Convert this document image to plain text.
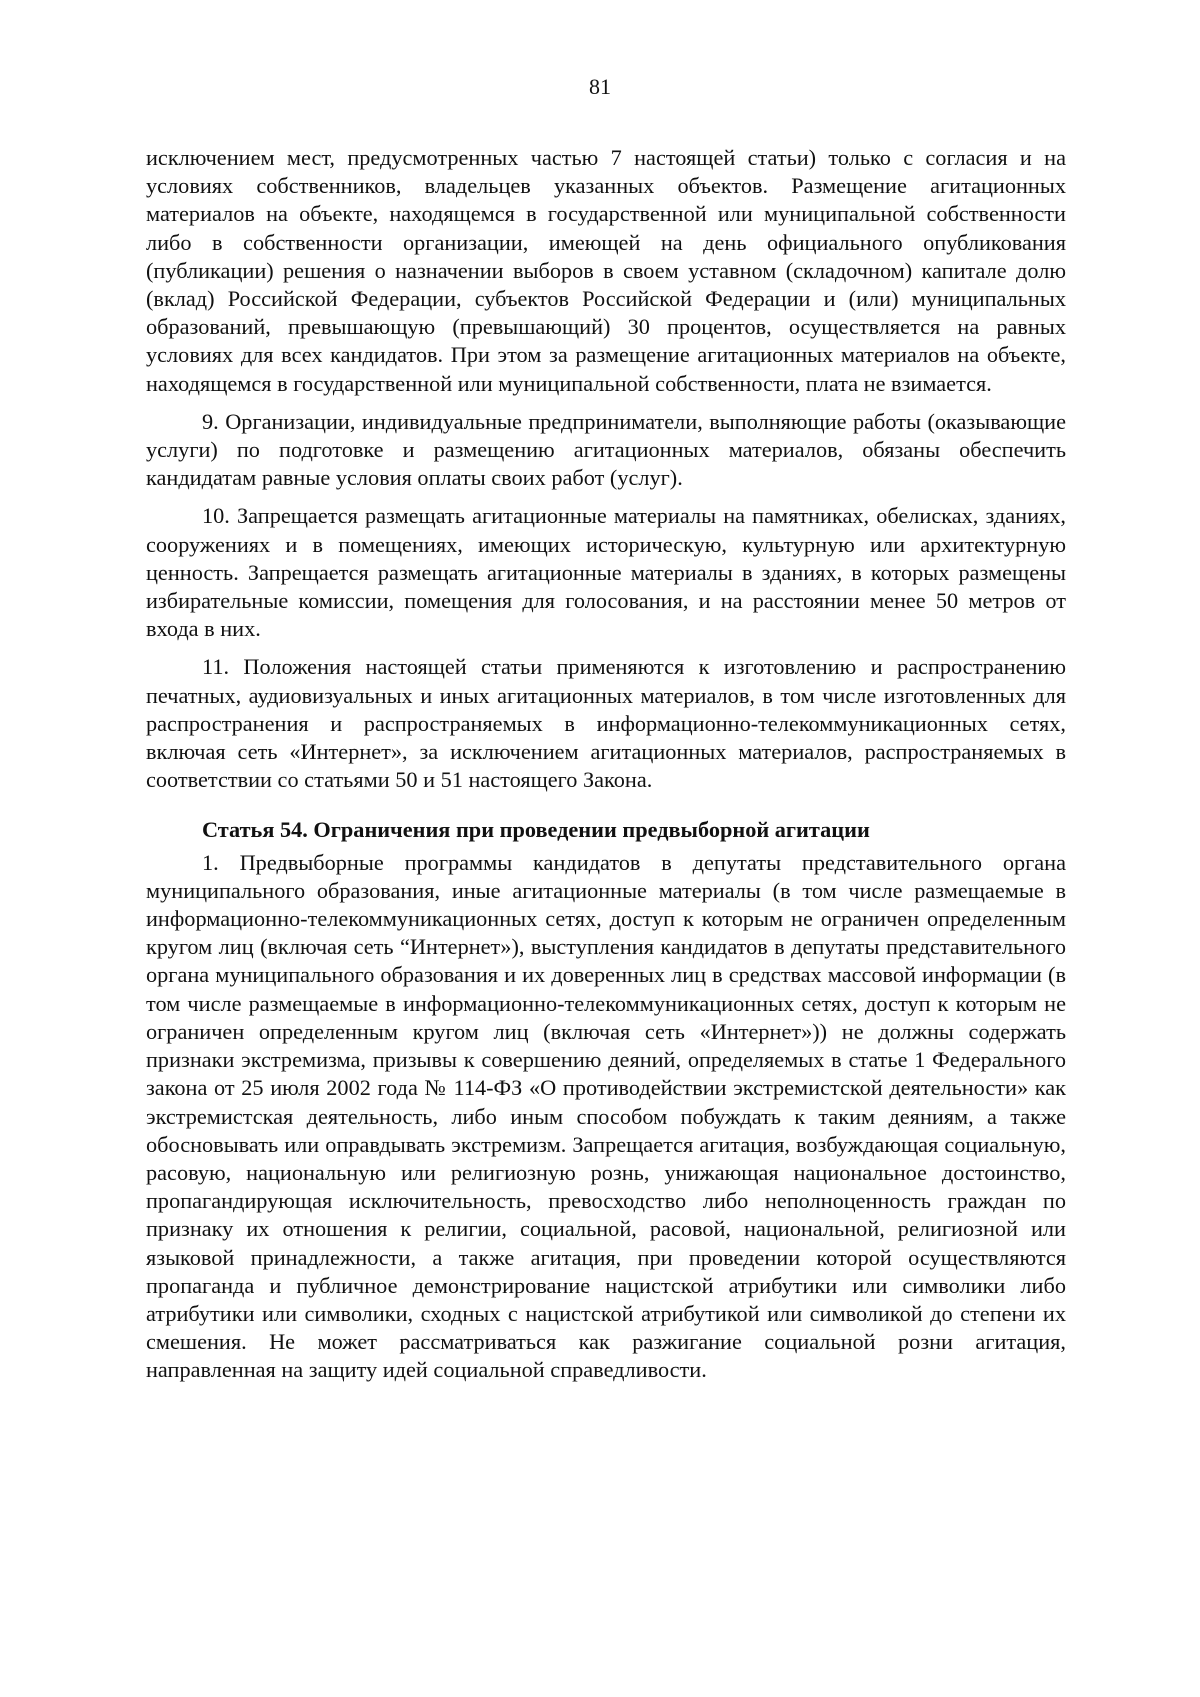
81

исключением мест, предусмотренных частью 7 настоящей статьи) только с согласия и на условиях собственников, владельцев указанных объектов. Размещение агитационных материалов на объекте, находящемся в государственной или муниципальной собственности либо в собственности организации, имеющей на день официального опубликования (публикации) решения о назначении выборов в своем уставном (складочном) капитале долю (вклад) Российской Федерации, субъектов Российской Федерации и (или) муниципальных образований, превышающую (превышающий) 30 процентов, осуществляется на равных условиях для всех кандидатов. При этом за размещение агитационных материалов на объекте, находящемся в государственной или муниципальной собственности, плата не взимается.

9. Организации, индивидуальные предприниматели, выполняющие работы (оказывающие услуги) по подготовке и размещению агитационных материалов, обязаны обеспечить кандидатам равные условия оплаты своих работ (услуг).

10. Запрещается размещать агитационные материалы на памятниках, обелисках, зданиях, сооружениях и в помещениях, имеющих историческую, культурную или архитектурную ценность. Запрещается размещать агитационные материалы в зданиях, в которых размещены избирательные комиссии, помещения для голосования, и на расстоянии менее 50 метров от входа в них.

11. Положения настоящей статьи применяются к изготовлению и распространению печатных, аудиовизуальных и иных агитационных материалов, в том числе изготовленных для распространения и распространяемых в информационно-телекоммуникационных сетях, включая сеть «Интернет», за исключением агитационных материалов, распространяемых в соответствии со статьями 50 и 51 настоящего Закона.

Статья 54. Ограничения при проведении предвыборной агитации

1. Предвыборные программы кандидатов в депутаты представительного органа муниципального образования, иные агитационные материалы (в том числе размещаемые в информационно-телекоммуникационных сетях, доступ к которым не ограничен определенным кругом лиц (включая сеть “Интернет»), выступления кандидатов в депутаты представительного органа муниципального образования и их доверенных лиц в средствах массовой информации (в том числе размещаемые в информационно-телекоммуникационных сетях, доступ к которым не ограничен определенным кругом лиц (включая сеть «Интернет»)) не должны содержать признаки экстремизма, призывы к совершению деяний, определяемых в статье 1 Федерального закона от 25 июля 2002 года № 114-ФЗ «О противодействии экстремистской деятельности» как экстремистская деятельность, либо иным способом побуждать к таким деяниям, а также обосновывать или оправдывать экстремизм. Запрещается агитация, возбуждающая социальную, расовую, национальную или религиозную рознь, унижающая национальное достоинство, пропагандирующая исключительность, превосходство либо неполноценность граждан по признаку их отношения к религии, социальной, расовой, национальной, религиозной или языковой принадлежности, а также агитация, при проведении которой осуществляются пропаганда и публичное демонстрирование нацистской атрибутики или символики либо атрибутики или символики, сходных с нацистской атрибутикой или символикой до степени их смешения. Не может рассматриваться как разжигание социальной розни агитация, направленная на защиту идей социальной справедливости.
